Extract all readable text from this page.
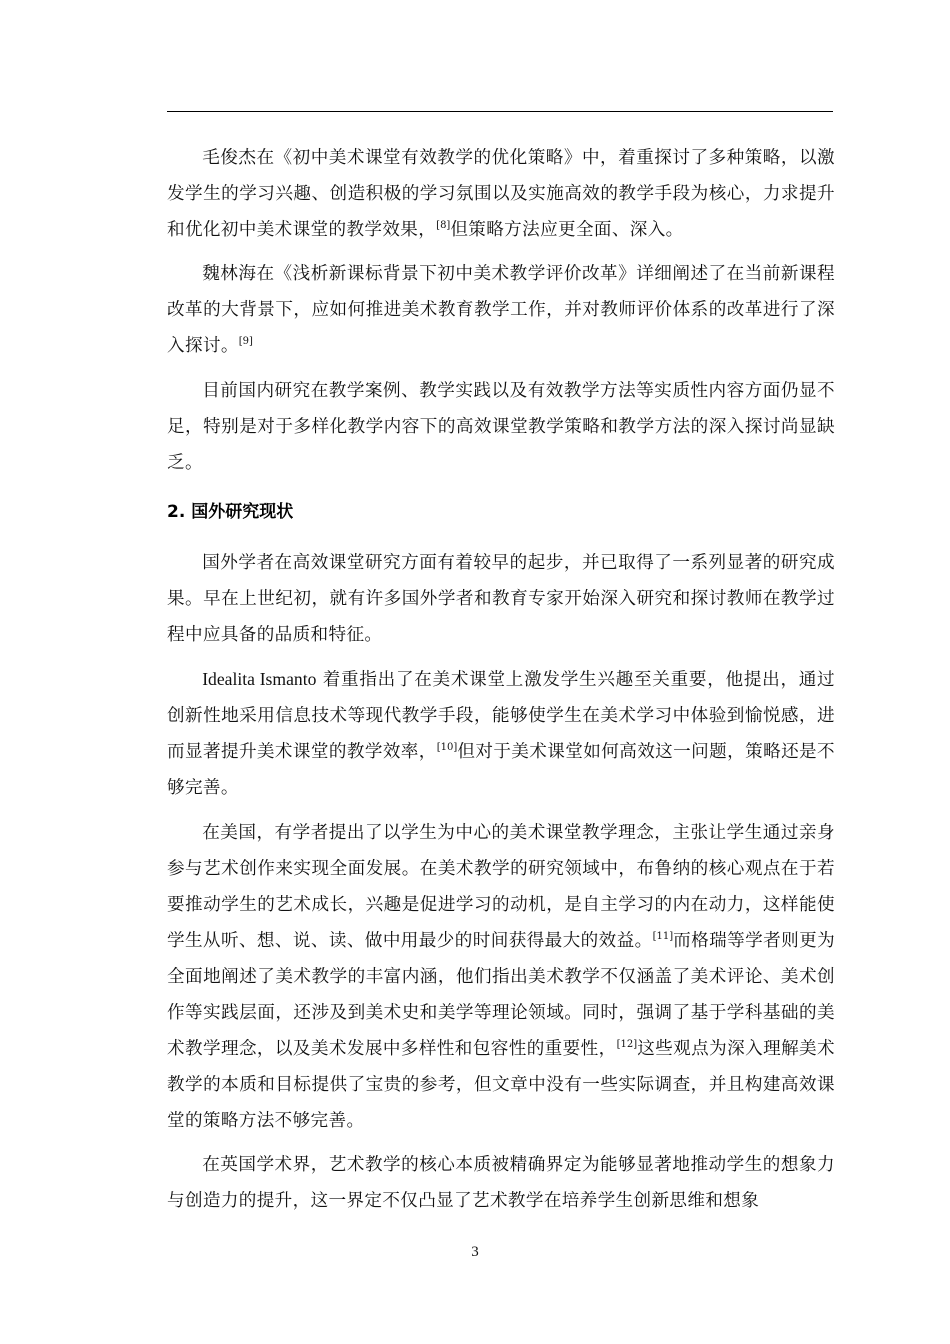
毛俊杰在《初中美术课堂有效教学的优化策略》中，着重探讨了多种策略，以激发学生的学习兴趣、创造积极的学习氛围以及实施高效的教学手段为核心，力求提升和优化初中美术课堂的教学效果，[8]但策略方法应更全面、深入。

魏林海在《浅析新课标背景下初中美术教学评价改革》详细阐述了在当前新课程改革的大背景下，应如何推进美术教育教学工作，并对教师评价体系的改革进行了深入探讨。[9]

目前国内研究在教学案例、教学实践以及有效教学方法等实质性内容方面仍显不足，特别是对于多样化教学内容下的高效课堂教学策略和教学方法的深入探讨尚显缺乏。

2. 国外研究现状

国外学者在高效课堂研究方面有着较早的起步，并已取得了一系列显著的研究成果。早在上世纪初，就有许多国外学者和教育专家开始深入研究和探讨教师在教学过程中应具备的品质和特征。

Idealita Ismanto 着重指出了在美术课堂上激发学生兴趣至关重要，他提出，通过创新性地采用信息技术等现代教学手段，能够使学生在美术学习中体验到愉悦感，进而显著提升美术课堂的教学效率，[10]但对于美术课堂如何高效这一问题，策略还是不够完善。

在美国，有学者提出了以学生为中心的美术课堂教学理念，主张让学生通过亲身参与艺术创作来实现全面发展。在美术教学的研究领域中，布鲁纳的核心观点在于若要推动学生的艺术成长，兴趣是促进学习的动机，是自主学习的内在动力，这样能使学生从听、想、说、读、做中用最少的时间获得最大的效益。[11]而格瑞等学者则更为全面地阐述了美术教学的丰富内涵，他们指出美术教学不仅涵盖了美术评论、美术创作等实践层面，还涉及到美术史和美学等理论领域。同时，强调了基于学科基础的美术教学理念，以及美术发展中多样性和包容性的重要性，[12]这些观点为深入理解美术教学的本质和目标提供了宝贵的参考，但文章中没有一些实际调查，并且构建高效课堂的策略方法不够完善。

在英国学术界，艺术教学的核心本质被精确界定为能够显著地推动学生的想象力与创造力的提升，这一界定不仅凸显了艺术教学在培养学生创新思维和想象

3
